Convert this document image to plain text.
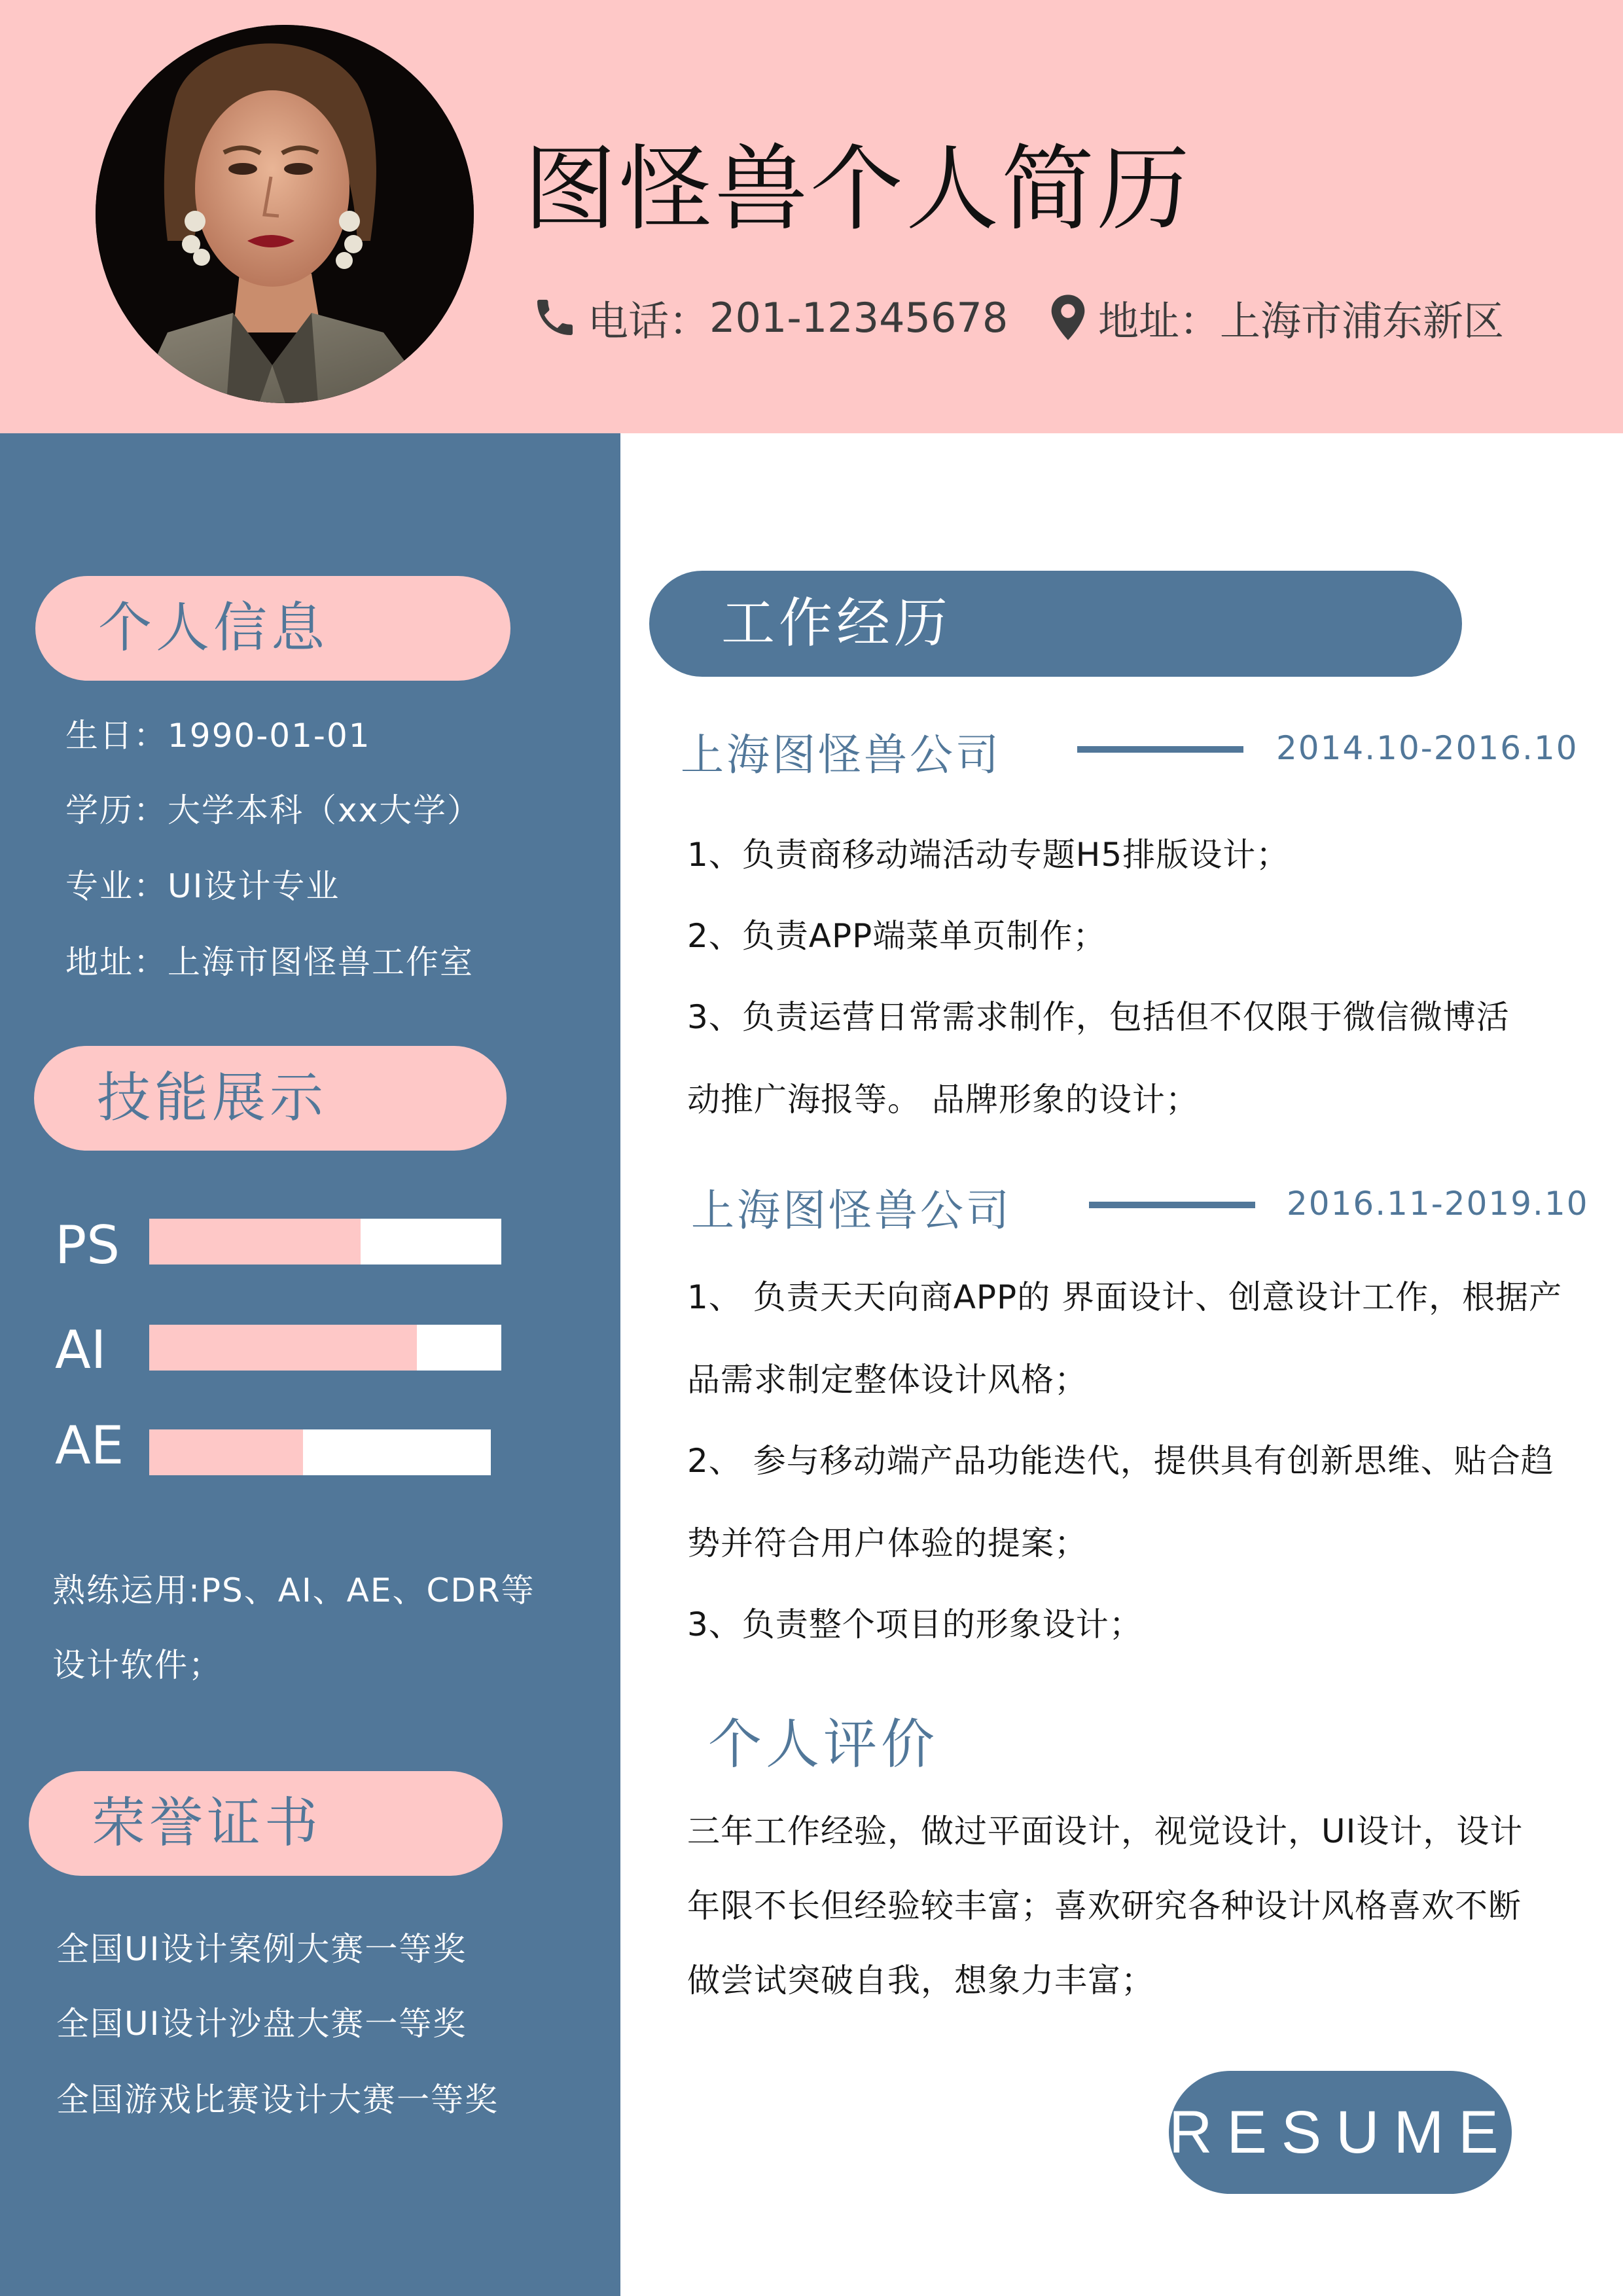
图怪兽个人简历
电话： 201-12345678 地址： 上海市浦东新区
个人信息
生日：1990-01-01
学历：大学本科（xx大学）
专业：UI设计专业
地址：上海市图怪兽工作室
技能展示
PS
AI
AE
熟练运用:PS、AI、AE、CDR等
设计软件；
荣誉证书
全国UI设计案例大赛一等奖
全国UI设计沙盘大赛一等奖
全国游戏比赛设计大赛一等奖
工作经历
上海图怪兽公司	2014.10-2016.10
1、负责商移动端活动专题H5排版设计；
2、负责APP端菜单页制作；
3、负责运营日常需求制作，包括但不仅限于微信微博活
动推广海报等。 品牌形象的设计；
上海图怪兽公司	2016.11-2019.10
1、 负责天天向商APP的 界面设计、创意设计工作，根据产
品需求制定整体设计风格；
2、 参与移动端产品功能迭代，提供具有创新思维、贴合趋
势并符合用户体验的提案；
3、负责整个项目的形象设计；
个人评价
三年工作经验，做过平面设计，视觉设计，UI设计，设计
年限不长但经验较丰富；喜欢研究各种设计风格喜欢不断
做尝试突破自我，想象力丰富；
RESUME
